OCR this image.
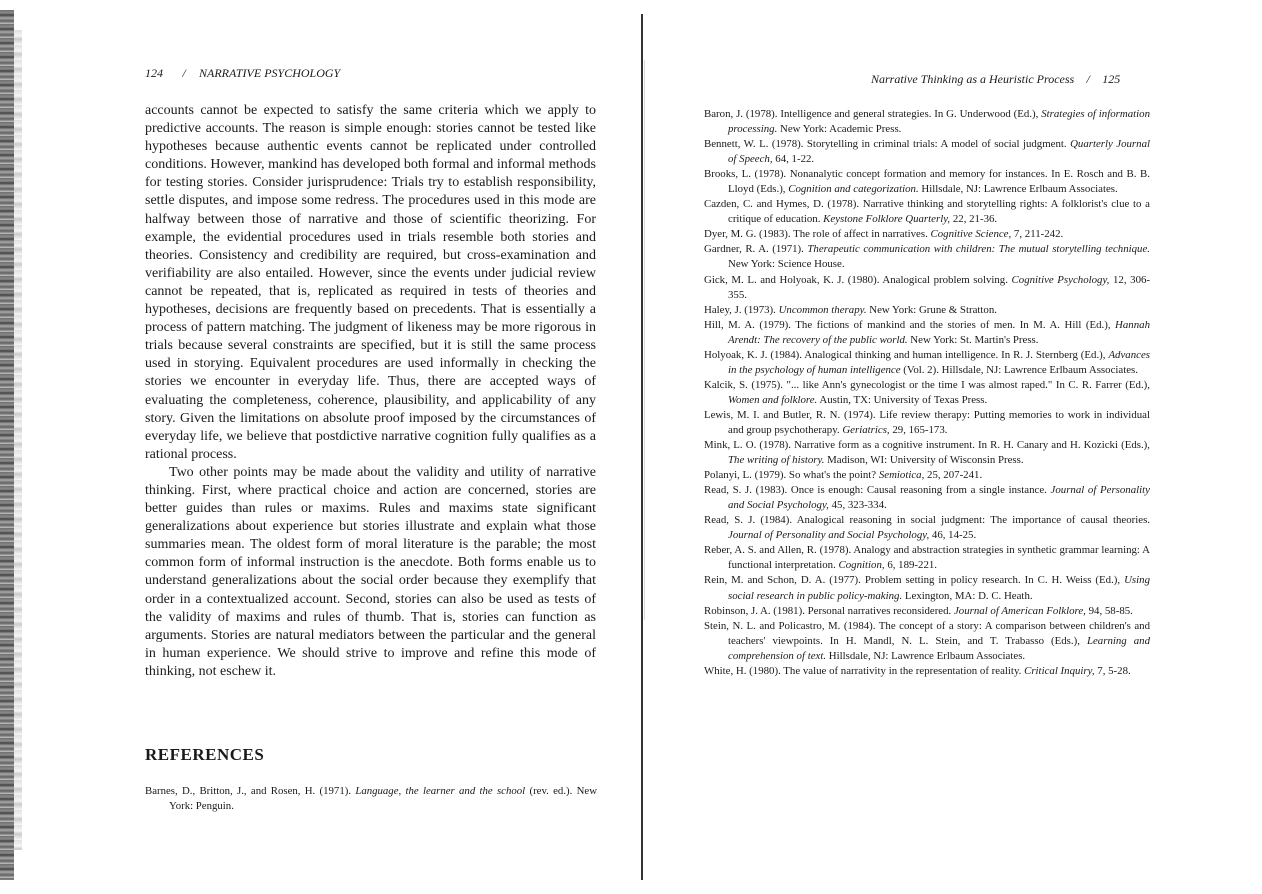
124 / NARRATIVE PSYCHOLOGY

accounts cannot be expected to satisfy the same criteria which we apply to predictive accounts. The reason is simple enough: stories cannot be tested like hypotheses because authentic events cannot be replicated under controlled conditions. However, mankind has developed both formal and informal methods for testing stories. Consider jurisprudence: Trials try to establish responsibility, settle disputes, and impose some redress. The procedures used in this mode are halfway between those of narrative and those of scientific theorizing. For example, the evidential procedures used in trials resemble both stories and theories. Consistency and credibility are required, but cross-examination and verifiability are also entailed. However, since the events under judicial review cannot be repeated, that is, replicated as required in tests of theories and hypotheses, decisions are frequently based on precedents. That is essentially a process of pattern matching. The judgment of likeness may be more rigorous in trials because several constraints are specified, but it is still the same process used in storying. Equivalent procedures are used informally in checking the stories we encounter in everyday life. Thus, there are accepted ways of evaluating the completeness, coherence, plausibility, and applicability of any story. Given the limitations on absolute proof imposed by the circumstances of everyday life, we believe that postdictive narrative cognition fully qualifies as a rational process.

Two other points may be made about the validity and utility of narrative thinking. First, where practical choice and action are concerned, stories are better guides than rules or maxims. Rules and maxims state significant generalizations about experience but stories illustrate and explain what those summaries mean. The oldest form of moral literature is the parable; the most common form of informal instruction is the anecdote. Both forms enable us to understand generalizations about the social order because they exemplify that order in a contextualized account. Second, stories can also be used as tests of the validity of maxims and rules of thumb. That is, stories can function as arguments. Stories are natural mediators between the particular and the general in human experience. We should strive to improve and refine this mode of thinking, not eschew it.

REFERENCES

Barnes, D., Britton, J., and Rosen, H. (1971). Language, the learner and the school (rev. ed.). New York: Penguin.

Narrative Thinking as a Heuristic Process / 125

Baron, J. (1978). Intelligence and general strategies. In G. Underwood (Ed.), Strategies of information processing. New York: Academic Press.

Bennett, W. L. (1978). Storytelling in criminal trials: A model of social judgment. Quarterly Journal of Speech, 64, 1-22.

Brooks, L. (1978). Nonanalytic concept formation and memory for instances. In E. Rosch and B. B. Lloyd (Eds.), Cognition and categorization. Hillsdale, NJ: Lawrence Erlbaum Associates.

Cazden, C. and Hymes, D. (1978). Narrative thinking and storytelling rights: A folklorist's clue to a critique of education. Keystone Folklore Quarterly, 22, 21-36.

Dyer, M. G. (1983). The role of affect in narratives. Cognitive Science, 7, 211-242.

Gardner, R. A. (1971). Therapeutic communication with children: The mutual storytelling technique. New York: Science House.

Gick, M. L. and Holyoak, K. J. (1980). Analogical problem solving. Cognitive Psychology, 12, 306-355.

Haley, J. (1973). Uncommon therapy. New York: Grune & Stratton.

Hill, M. A. (1979). The fictions of mankind and the stories of men. In M. A. Hill (Ed.), Hannah Arendt: The recovery of the public world. New York: St. Martin's Press.

Holyoak, K. J. (1984). Analogical thinking and human intelligence. In R. J. Sternberg (Ed.), Advances in the psychology of human intelligence (Vol. 2). Hillsdale, NJ: Lawrence Erlbaum Associates.

Kalcik, S. (1975). "... like Ann's gynecologist or the time I was almost raped." In C. R. Farrer (Ed.), Women and folklore. Austin, TX: University of Texas Press.

Lewis, M. I. and Butler, R. N. (1974). Life review therapy: Putting memories to work in individual and group psychotherapy. Geriatrics, 29, 165-173.

Mink, L. O. (1978). Narrative form as a cognitive instrument. In R. H. Canary and H. Kozicki (Eds.), The writing of history. Madison, WI: University of Wisconsin Press.

Polanyi, L. (1979). So what's the point? Semiotica, 25, 207-241.

Read, S. J. (1983). Once is enough: Causal reasoning from a single instance. Journal of Personality and Social Psychology, 45, 323-334.

Read, S. J. (1984). Analogical reasoning in social judgment: The importance of causal theories. Journal of Personality and Social Psychology, 46, 14-25.

Reber, A. S. and Allen, R. (1978). Analogy and abstraction strategies in synthetic grammar learning: A functional interpretation. Cognition, 6, 189-221.

Rein, M. and Schon, D. A. (1977). Problem setting in policy research. In C. H. Weiss (Ed.), Using social research in public policy-making. Lexington, MA: D. C. Heath.

Robinson, J. A. (1981). Personal narratives reconsidered. Journal of American Folklore, 94, 58-85.

Stein, N. L. and Policastro, M. (1984). The concept of a story: A comparison between children's and teachers' viewpoints. In H. Mandl, N. L. Stein, and T. Trabasso (Eds.), Learning and comprehension of text. Hillsdale, NJ: Lawrence Erlbaum Associates.

White, H. (1980). The value of narrativity in the representation of reality. Critical Inquiry, 7, 5-28.
